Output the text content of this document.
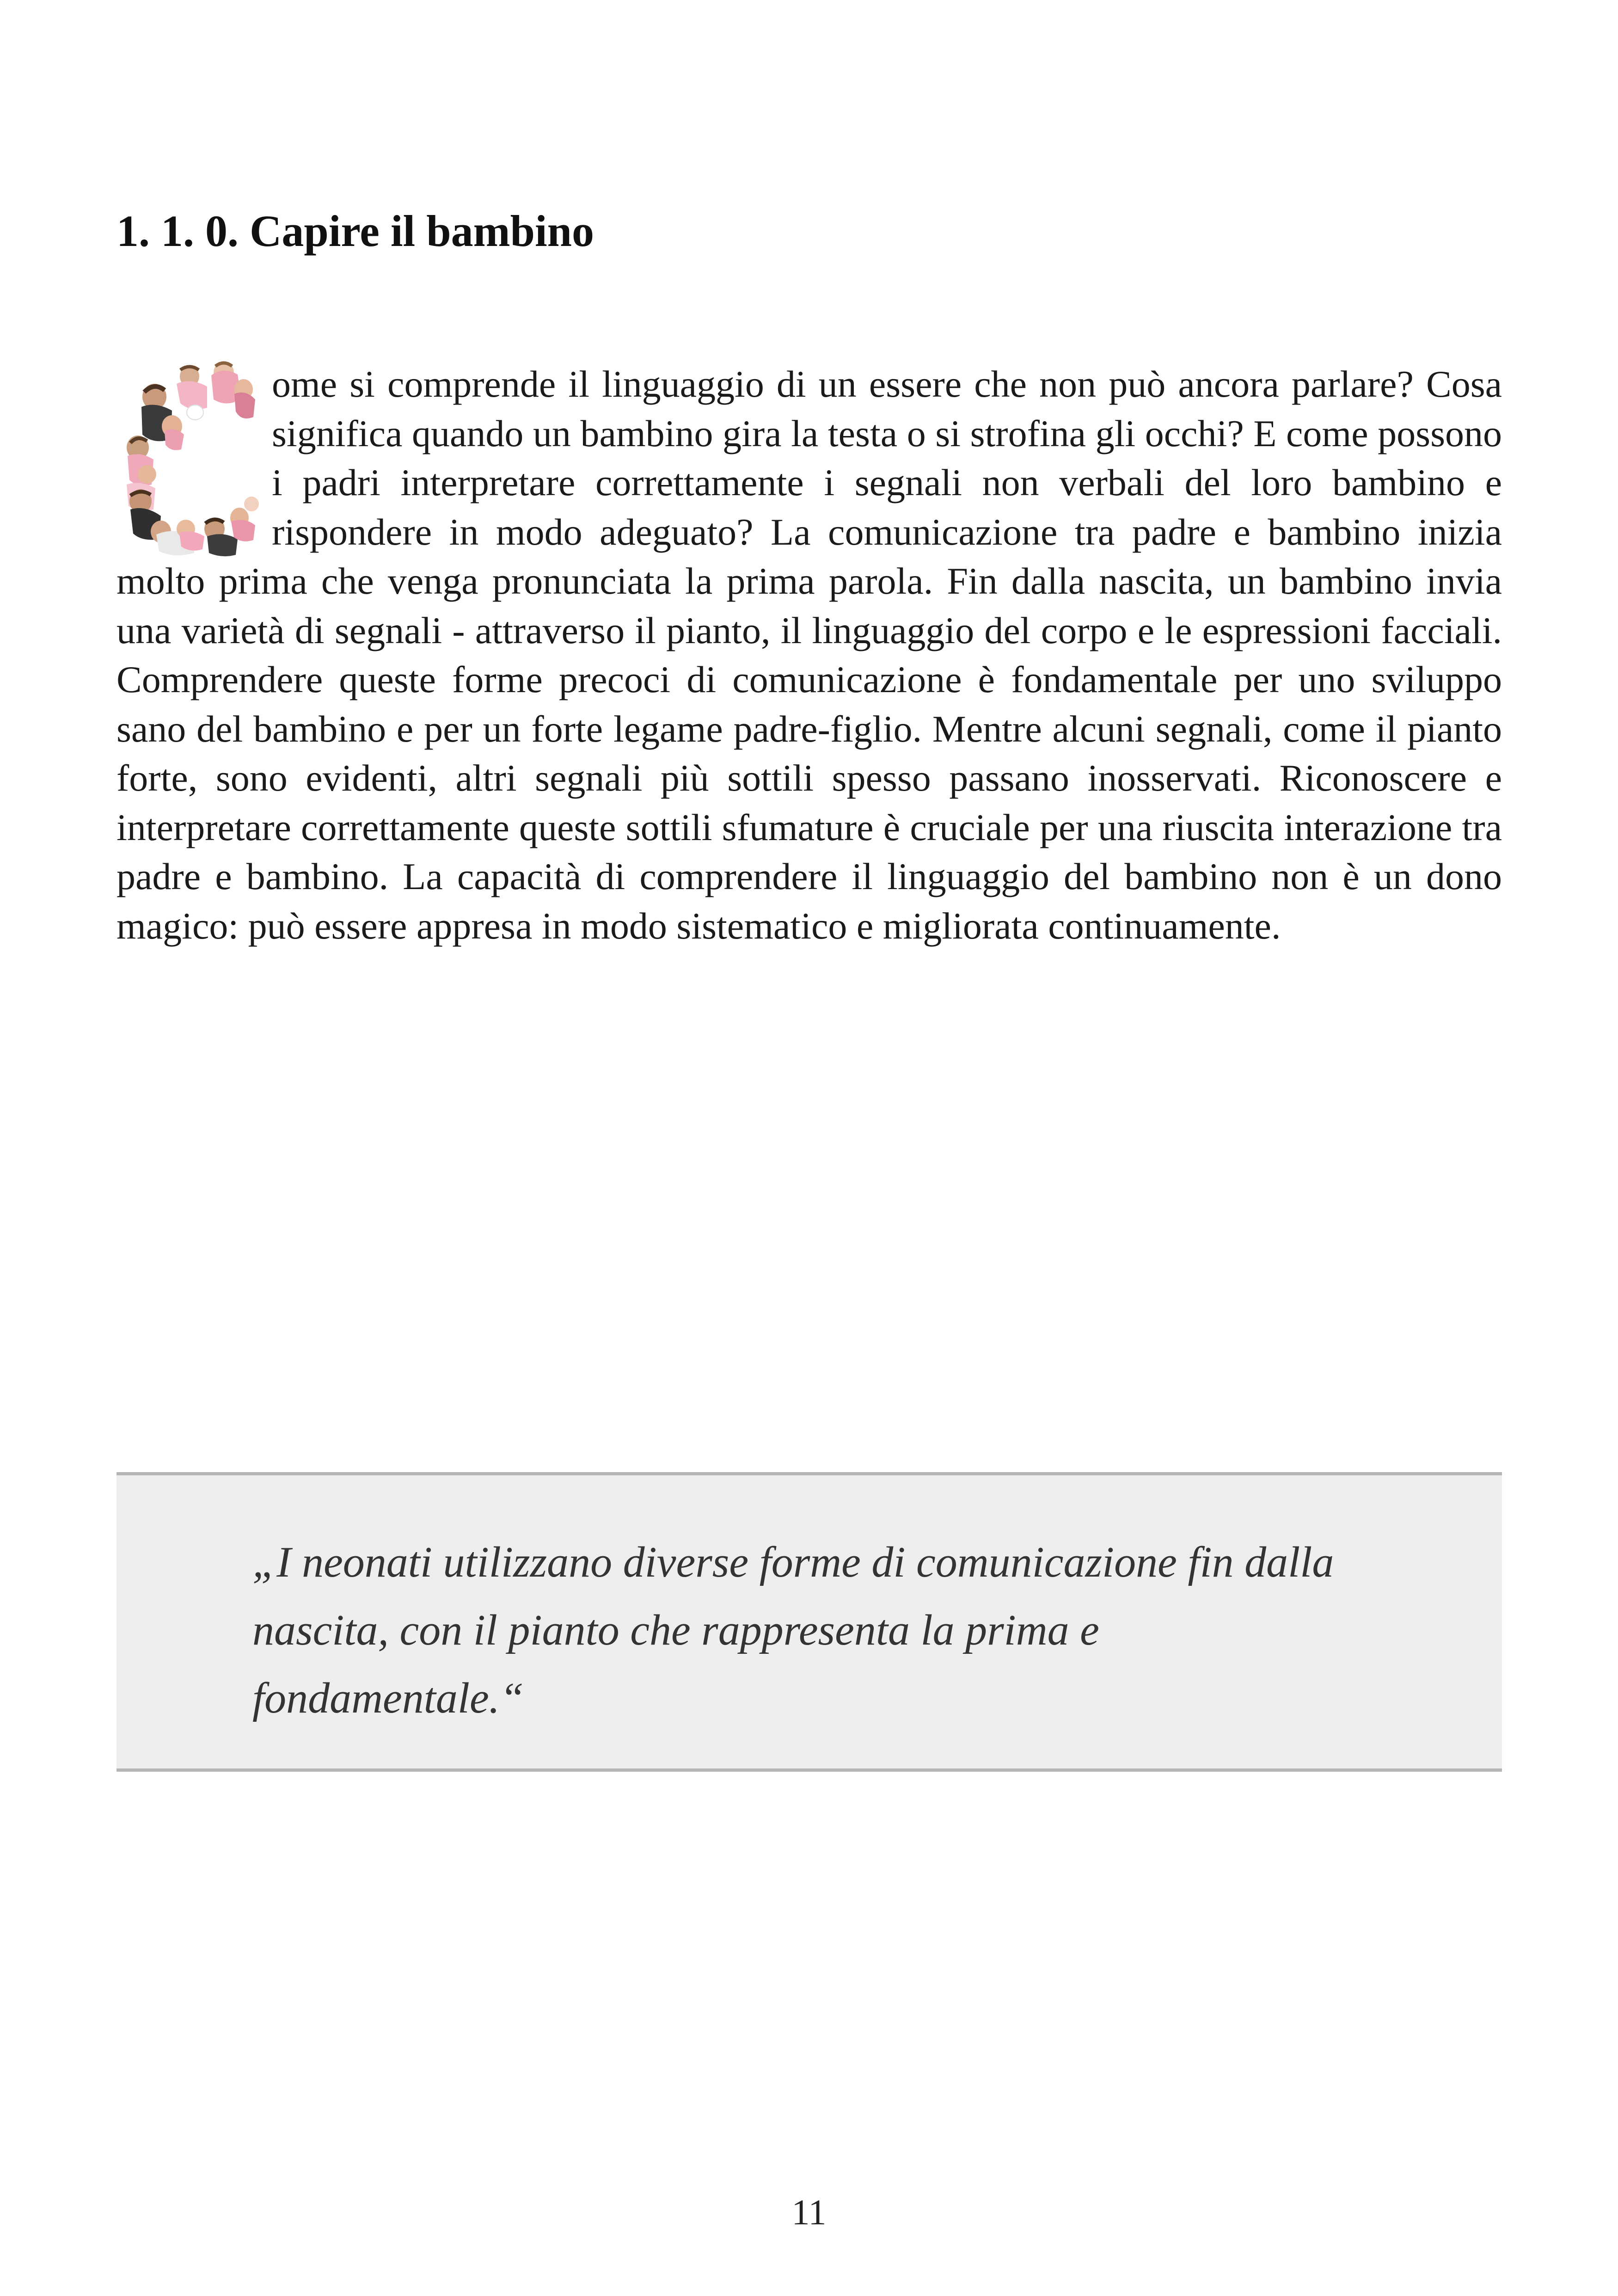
1. 1. 0. Capire il bambino

ome si comprende il linguaggio di un essere che non può ancora parlare? Cosa significa quando un bambino gira la testa o si strofina gli occhi? E come possono i padri interpretare correttamente i segnali non verbali del loro bambino e rispondere in modo adeguato? La comunicazione tra padre e bambino inizia molto prima che venga pronunciata la prima parola. Fin dalla nascita, un bambino invia una varietà di segnali - attraverso il pianto, il linguaggio del corpo e le espressioni facciali. Comprendere queste forme precoci di comunicazione è fondamentale per uno sviluppo sano del bambino e per un forte legame padre-figlio. Mentre alcuni segnali, come il pianto forte, sono evidenti, altri segnali più sottili spesso passano inosservati. Riconoscere e interpretare correttamente queste sottili sfumature è cruciale per una riuscita interazione tra padre e bambino. La capacità di comprendere il linguaggio del bambino non è un dono magico: può essere appresa in modo sistematico e migliorata continuamente.

„I neonati utilizzano diverse forme di comunicazione fin dalla nascita, con il pianto che rappresenta la prima e fondamentale.“

11
